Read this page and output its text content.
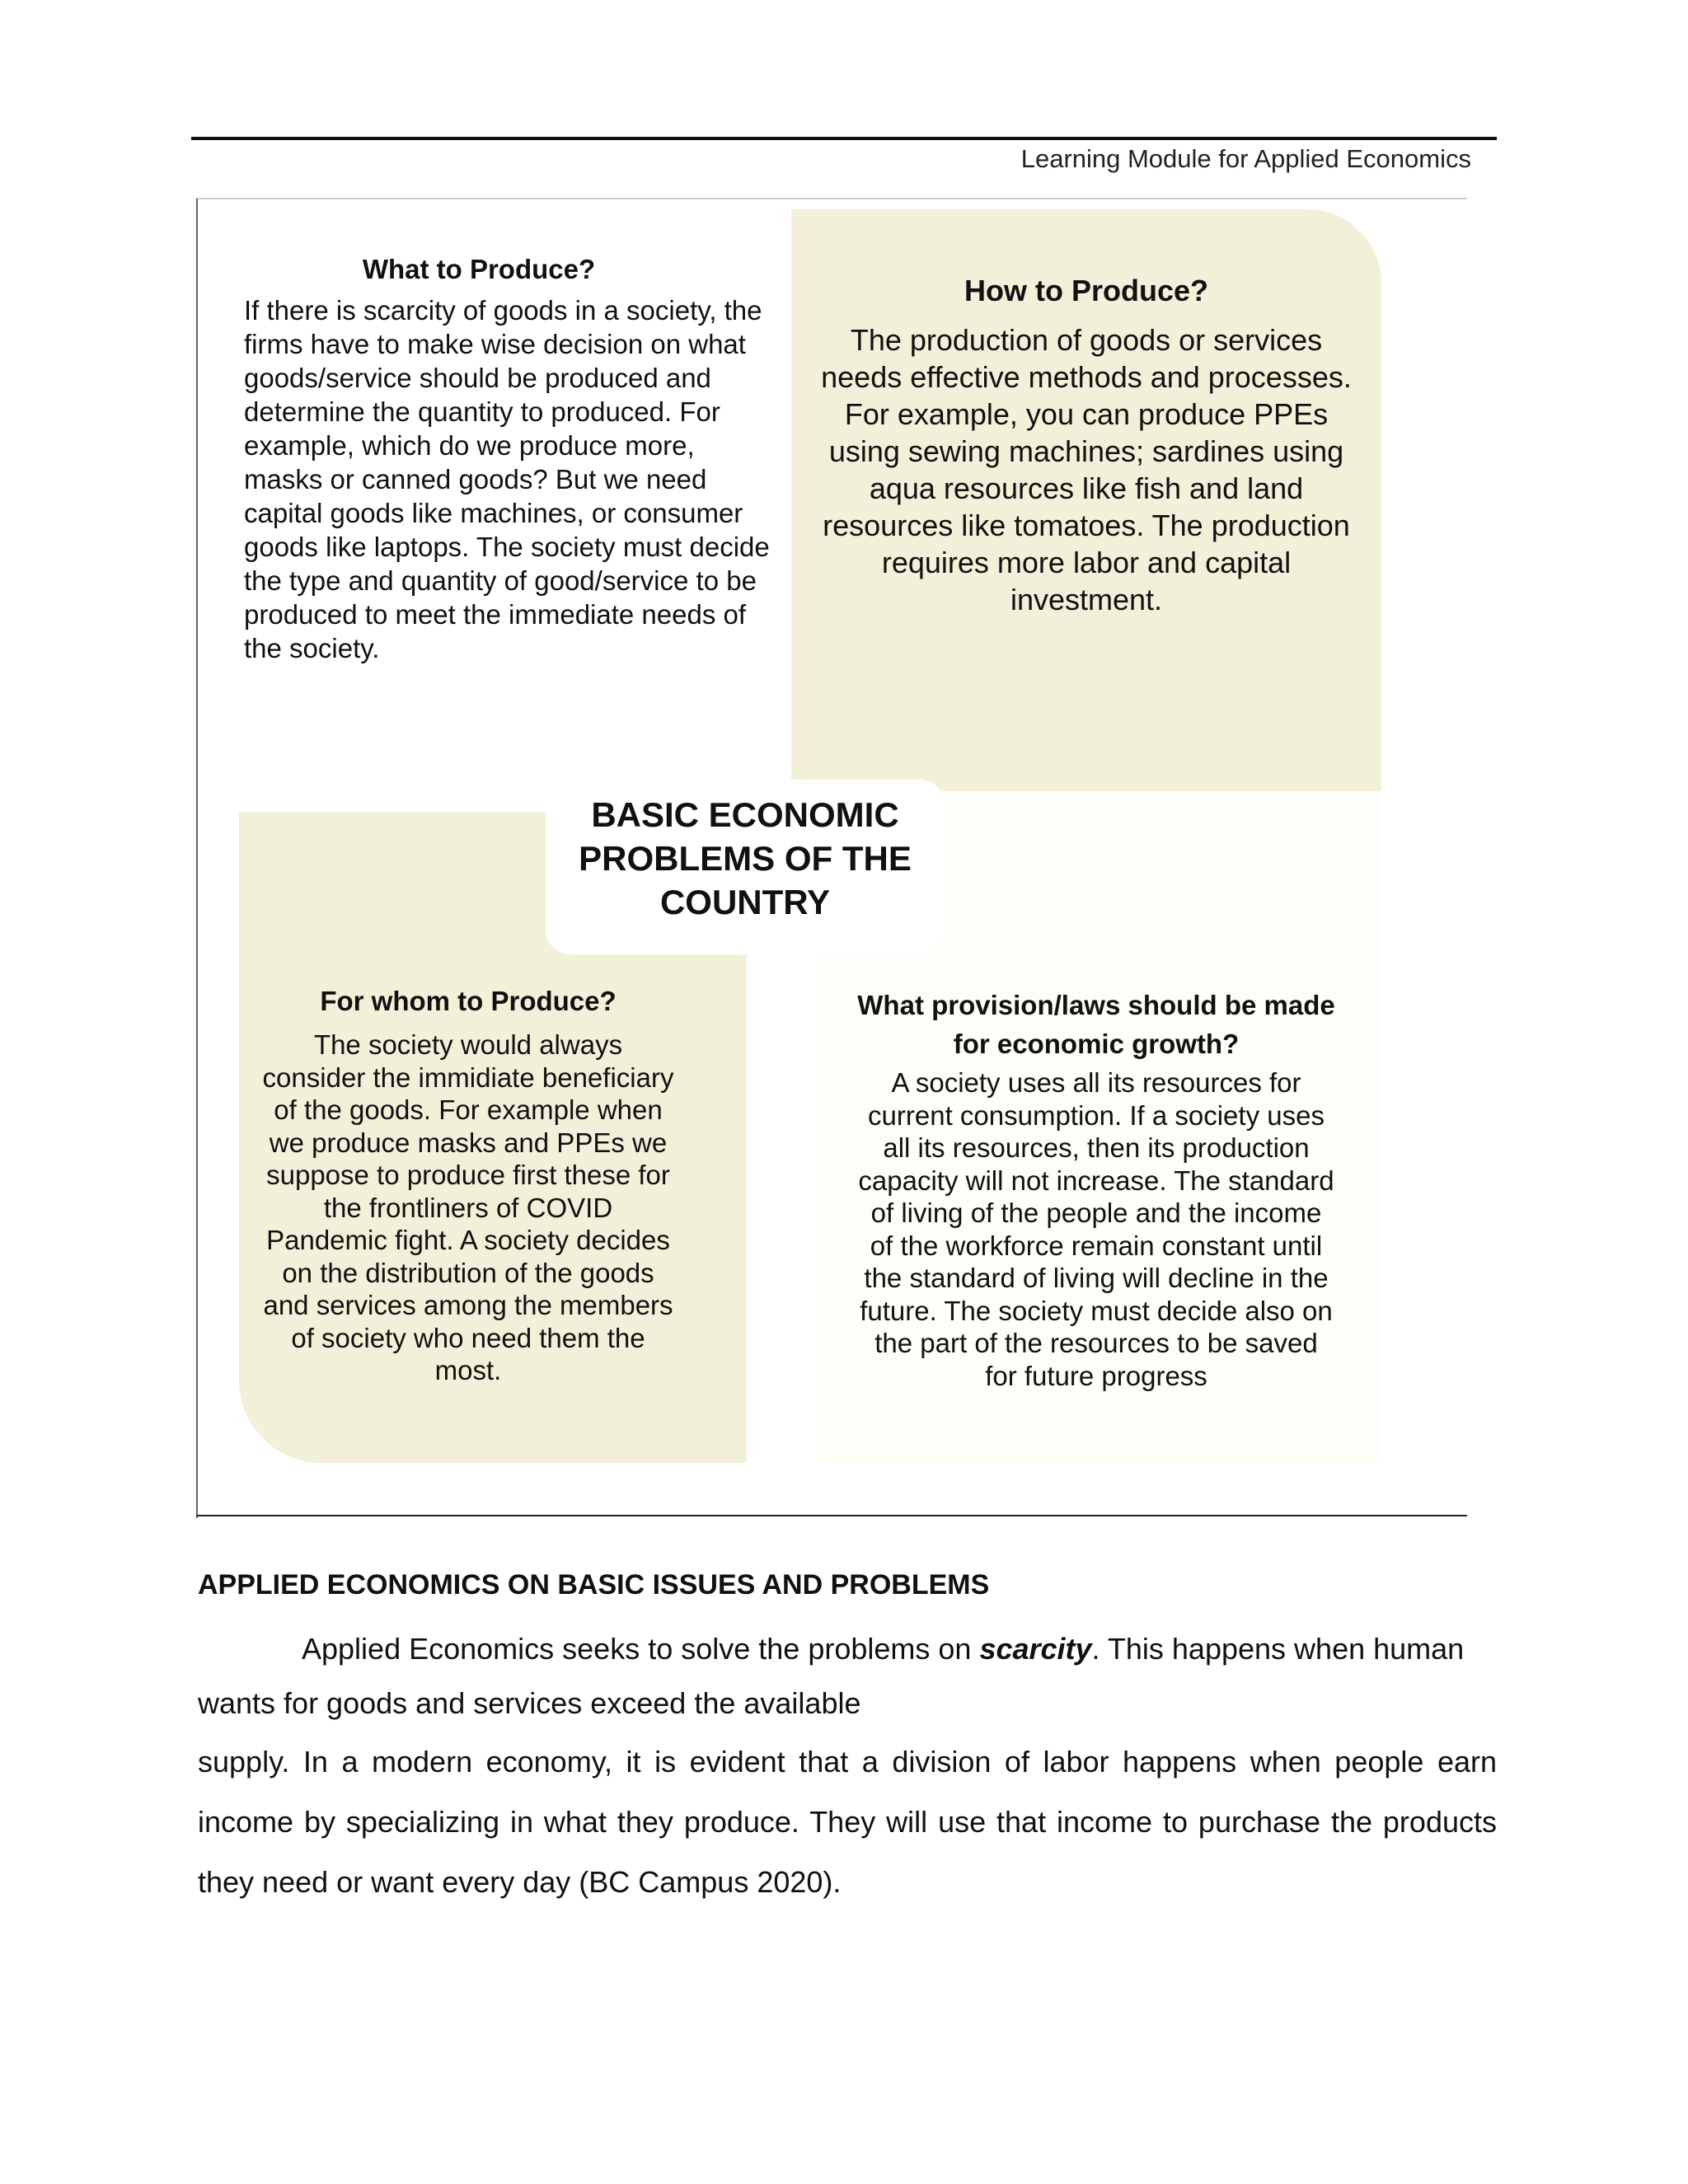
Learning Module for Applied Economics
What to Produce?

If there is scarcity of goods in a society, the firms have to make wise decision on what goods/service should be produced and determine the quantity to produced. For example, which do we produce more, masks or canned goods? But we need capital goods like machines, or consumer goods like laptops. The society must decide the type and quantity of good/service to be produced to meet the immediate needs of the society.

How to Produce?

The production of goods or services needs effective methods and processes. For example, you can produce PPEs using sewing machines; sardines using aqua resources like fish and land resources like tomatoes. The production requires more labor and capital investment.

BASIC ECONOMIC PROBLEMS OF THE COUNTRY
For whom to Produce?

The society would always consider the immidiate beneficiary of the goods. For example when we produce masks and PPEs we suppose to produce first these for the frontliners of COVID Pandemic fight. A society decides on the distribution of the goods and services among the members of society who need them the most.

What provision/laws should be made for economic growth?

A society uses all its resources for current consumption. If a society uses all its resources, then its production capacity will not increase. The standard of living of the people and the income of the workforce remain constant until the standard of living will decline in the future. The society must decide also on the part of the resources to be saved for future progress

APPLIED ECONOMICS ON BASIC ISSUES AND PROBLEMS
Applied Economics seeks to solve the problems on scarcity. This happens when human wants for goods and services exceed the available
supply. In a modern economy, it is evident that a division of labor happens when people earn income by specializing in what they produce. They will use that income to purchase the products they need or want every day (BC Campus 2020).
